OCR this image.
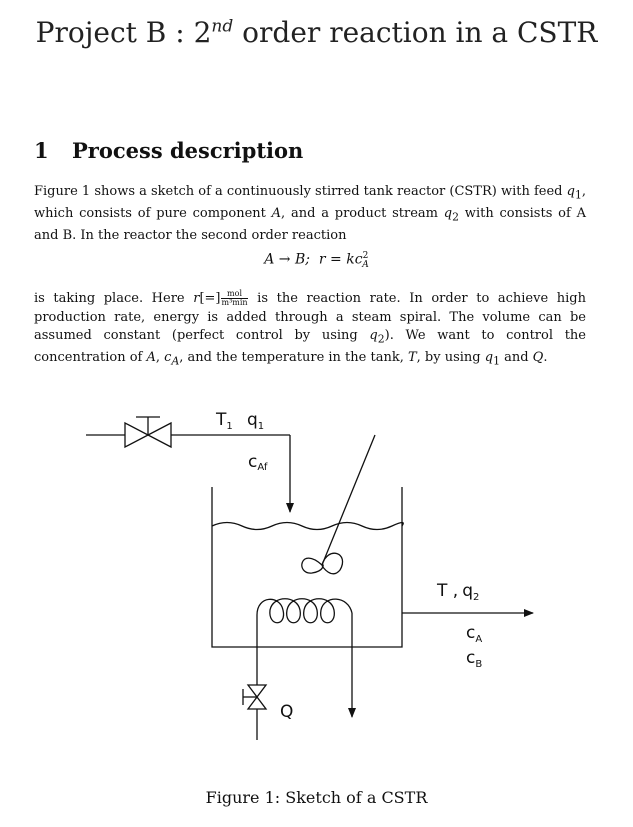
Project B : 2nd order reaction in a CSTR
1 Process description
Figure 1 shows a sketch of a continuously stirred tank reactor (CSTR) with feed $q_1$, which consists of pure component A, and a product stream $q_2$ with consists of A and B. In the reactor the second order reaction
A → B; $r = kc^2_A$
is taking place. Here $r[=] \frac{\text{mol}}{\text{m³min}}$ is the reaction rate. In order to achieve high production rate, energy is added through a steam spiral. The volume can be assumed constant (perfect control by using $q_2$). We want to control the concentration of A, $c_A$, and the temperature in the tank, T, by using $q_1$ and Q.
$T_1$ $q_1$
cAf
T , $q_2$
$c_A$
$c_B$
Q
Figure 1: Sketch of a CSTR
